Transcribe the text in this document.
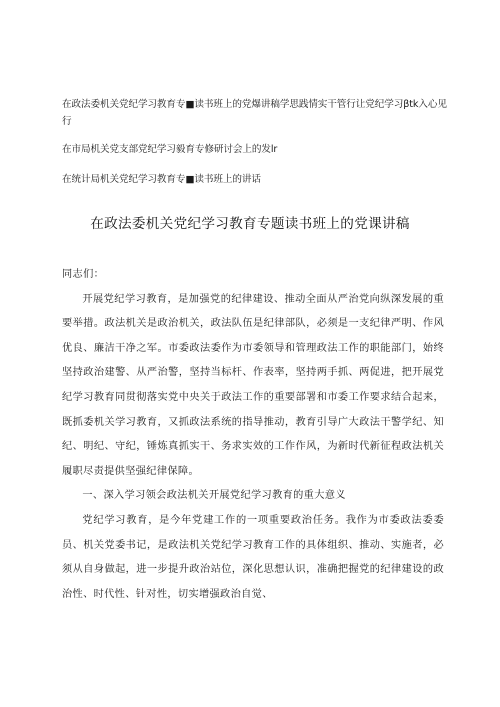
在政法委机关党纪学习教育专■读书班上的党爆讲稿学思践情实干管行让党纪学习βtk入心见行
在市局机关党支部党纪学习毅育专修研讨会上的发lr
在统计局机关党纪学习教育专■读书班上的讲话
在政法委机关党纪学习教育专题读书班上的党课讲稿

同志们：

开展党纪学习教育，是加强党的纪律建设、推动全面从严治党向纵深发展的重要举措。政法机关是政治机关，政法队伍是纪律部队，必须是一支纪律严明、作风优良、廉洁干净之军。市委政法委作为市委领导和管理政法工作的职能部门，始终坚持政治建警、从严治警，坚持当标杆、作表率，坚持两手抓、两促进，把开展党纪学习教育同贯彻落实党中央关于政法工作的重要部署和市委工作要求结合起来，既抓委机关学习教育，又抓政法系统的指导推动，教育引导广大政法干警学纪、知纪、明纪、守纪，锤炼真抓实干、务求实效的工作作风，为新时代新征程政法机关履职尽责提供坚强纪律保障。

一、深入学习领会政法机关开展党纪学习教育的重大意义

党纪学习教育，是今年党建工作的一项重要政治任务。我作为市委政法委委员、机关党委书记，是政法机关党纪学习教育工作的具体组织、推动、实施者，必须从自身做起，进一步提升政治站位，深化思想认识，准确把握党的纪律建设的政治性、时代性、针对性，切实增强政治自觉、
